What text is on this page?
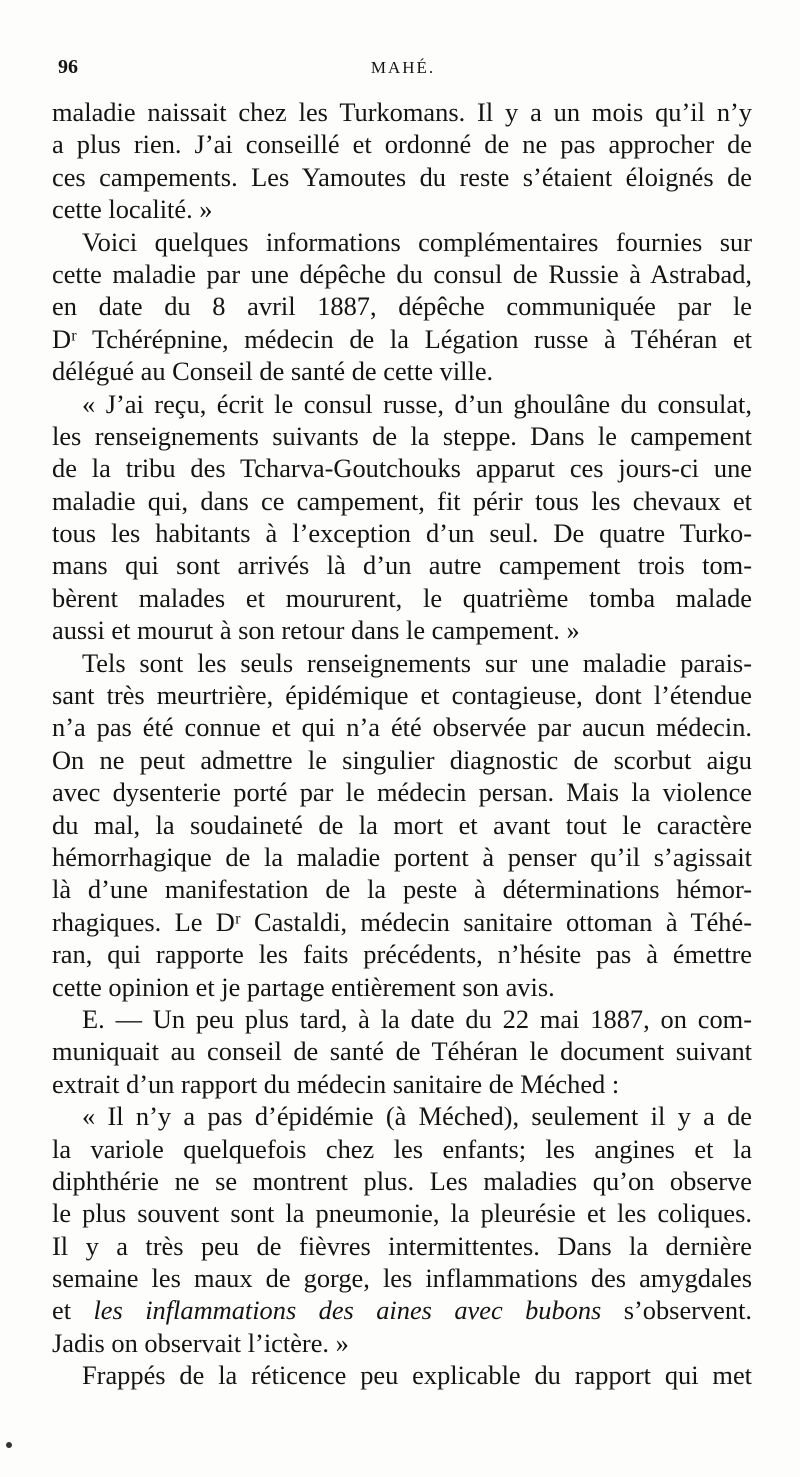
96	MAHÉ.
maladie naissait chez les Turkomans. Il y a un mois qu’il n’y
a plus rien. J’ai conseillé et ordonné de ne pas approcher de
ces campements. Les Yamoutes du reste s’étaient éloignés de
cette localité. »
Voici quelques informations complémentaires fournies sur
cette maladie par une dépêche du consul de Russie à Astrabad,
en date du 8 avril 1887, dépêche communiquée par le
Dʳ Tchérépnine, médecin de la Légation russe à Téhéran et
délégué au Conseil de santé de cette ville.
« J’ai reçu, écrit le consul russe, d’un ghoulâne du consulat,
les renseignements suivants de la steppe. Dans le campement
de la tribu des Tcharva-Goutchouks apparut ces jours-ci une
maladie qui, dans ce campement, fit périr tous les chevaux et
tous les habitants à l’exception d’un seul. De quatre Turko-
mans qui sont arrivés là d’un autre campement trois tom-
bèrent malades et moururent, le quatrième tomba malade
aussi et mourut à son retour dans le campement. »
Tels sont les seuls renseignements sur une maladie parais-
sant très meurtrière, épidémique et contagieuse, dont l’étendue
n’a pas été connue et qui n’a été observée par aucun médecin.
On ne peut admettre le singulier diagnostic de scorbut aigu
avec dysenterie porté par le médecin persan. Mais la violence
du mal, la soudaineté de la mort et avant tout le caractère
hémorrhagique de la maladie portent à penser qu’il s’agissait
là d’une manifestation de la peste à déterminations hémor-
rhagiques. Le Dʳ Castaldi, médecin sanitaire ottoman à Téhé-
ran, qui rapporte les faits précédents, n’hésite pas à émettre
cette opinion et je partage entièrement son avis.
E. — Un peu plus tard, à la date du 22 mai 1887, on com-
muniquait au conseil de santé de Téhéran le document suivant
extrait d’un rapport du médecin sanitaire de Méched :
« Il n’y a pas d’épidémie (à Méched), seulement il y a de
la variole quelquefois chez les enfants; les angines et la
diphthérie ne se montrent plus. Les maladies qu’on observe
le plus souvent sont la pneumonie, la pleurésie et les coliques.
Il y a très peu de fièvres intermittentes. Dans la dernière
semaine les maux de gorge, les inflammations des amygdales
et les inflammations des aines avec bubons s’observent.
Jadis on observait l’ictère. »
Frappés de la réticence peu explicable du rapport qui met
